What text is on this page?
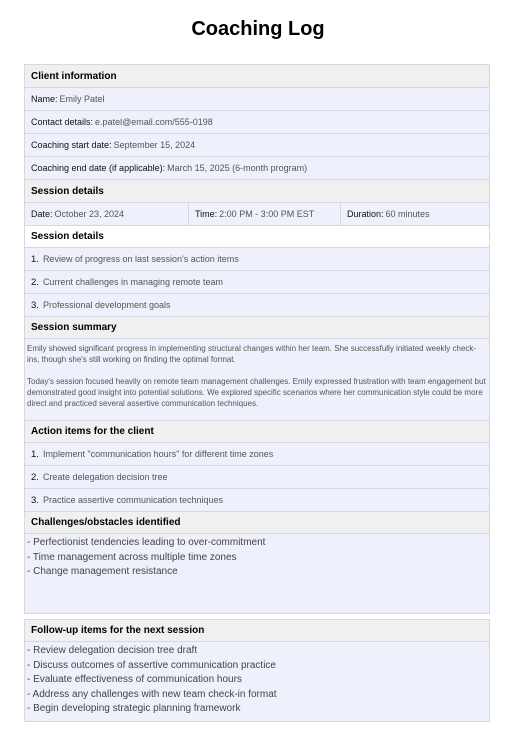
Coaching Log
Client information
Name: Emily Patel
Contact details: e.patel@email.com/555-0198
Coaching start date: September 15, 2024
Coaching end date (if applicable): March 15, 2025 (6-month program)
Session details
Date: October 23, 2024	Time: 2:00 PM - 3:00 PM EST	Duration: 60 minutes
Session details
1. Review of progress on last session's action items
2. Current challenges in managing remote team
3. Professional development goals
Session summary

Emily showed significant progress in implementing structural changes within her team. She successfully initiated weekly check-ins, though she's still working on finding the optimal format.

Today's session focused heavily on remote team management challenges. Emily expressed frustration with team engagement but demonstrated good insight into potential solutions. We explored specific scenarios where her communication style could be more direct and practiced several assertive communication techniques.

Action items for the client
1. Implement "communication hours" for different time zones
2. Create delegation decision tree
3. Practice assertive communication techniques
Challenges/obstacles identified
- Perfectionist tendencies leading to over-commitment
- Time management across multiple time zones
- Change management resistance
Follow-up items for the next session
- Review delegation decision tree draft
- Discuss outcomes of assertive communication practice
- Evaluate effectiveness of communication hours
- Address any challenges with new team check-in format
- Begin developing strategic planning framework
